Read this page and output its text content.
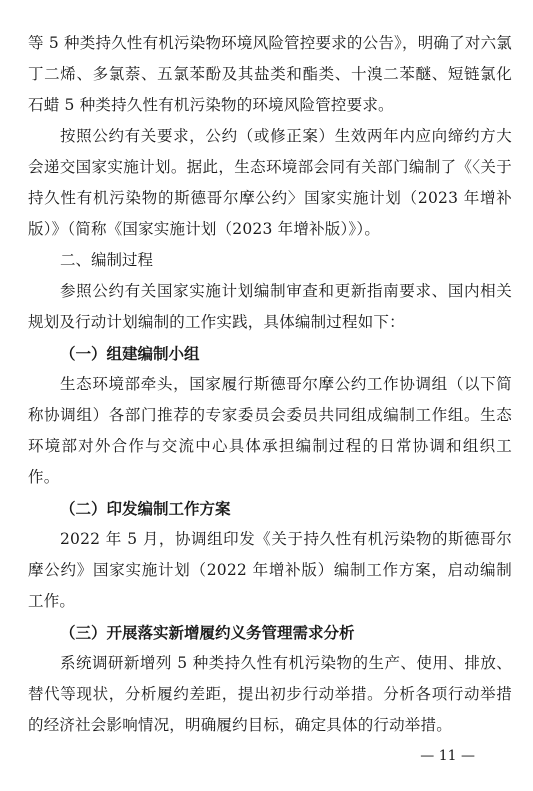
等 5 种类持久性有机污染物环境风险管控要求的公告》，明确了对六氯丁二烯、多氯萘、五氯苯酚及其盐类和酯类、十溴二苯醚、短链氯化石蜡 5 种类持久性有机污染物的环境风险管控要求。

按照公约有关要求，公约（或修正案）生效两年内应向缔约方大会递交国家实施计划。据此，生态环境部会同有关部门编制了《〈关于持久性有机污染物的斯德哥尔摩公约〉国家实施计划（2023 年增补版）》（简称《国家实施计划（2023 年增补版）》）。

二、编制过程

参照公约有关国家实施计划编制审查和更新指南要求、国内相关规划及行动计划编制的工作实践，具体编制过程如下：

（一）组建编制小组

生态环境部牵头，国家履行斯德哥尔摩公约工作协调组（以下简称协调组）各部门推荐的专家委员会委员共同组成编制工作组。生态环境部对外合作与交流中心具体承担编制过程的日常协调和组织工作。

（二）印发编制工作方案

2022 年 5 月，协调组印发《关于持久性有机污染物的斯德哥尔摩公约》国家实施计划（2022 年增补版）编制工作方案，启动编制工作。

（三）开展落实新增履约义务管理需求分析

系统调研新增列 5 种类持久性有机污染物的生产、使用、排放、替代等现状，分析履约差距，提出初步行动举措。分析各项行动举措的经济社会影响情况，明确履约目标，确定具体的行动举措。

— 11 —
